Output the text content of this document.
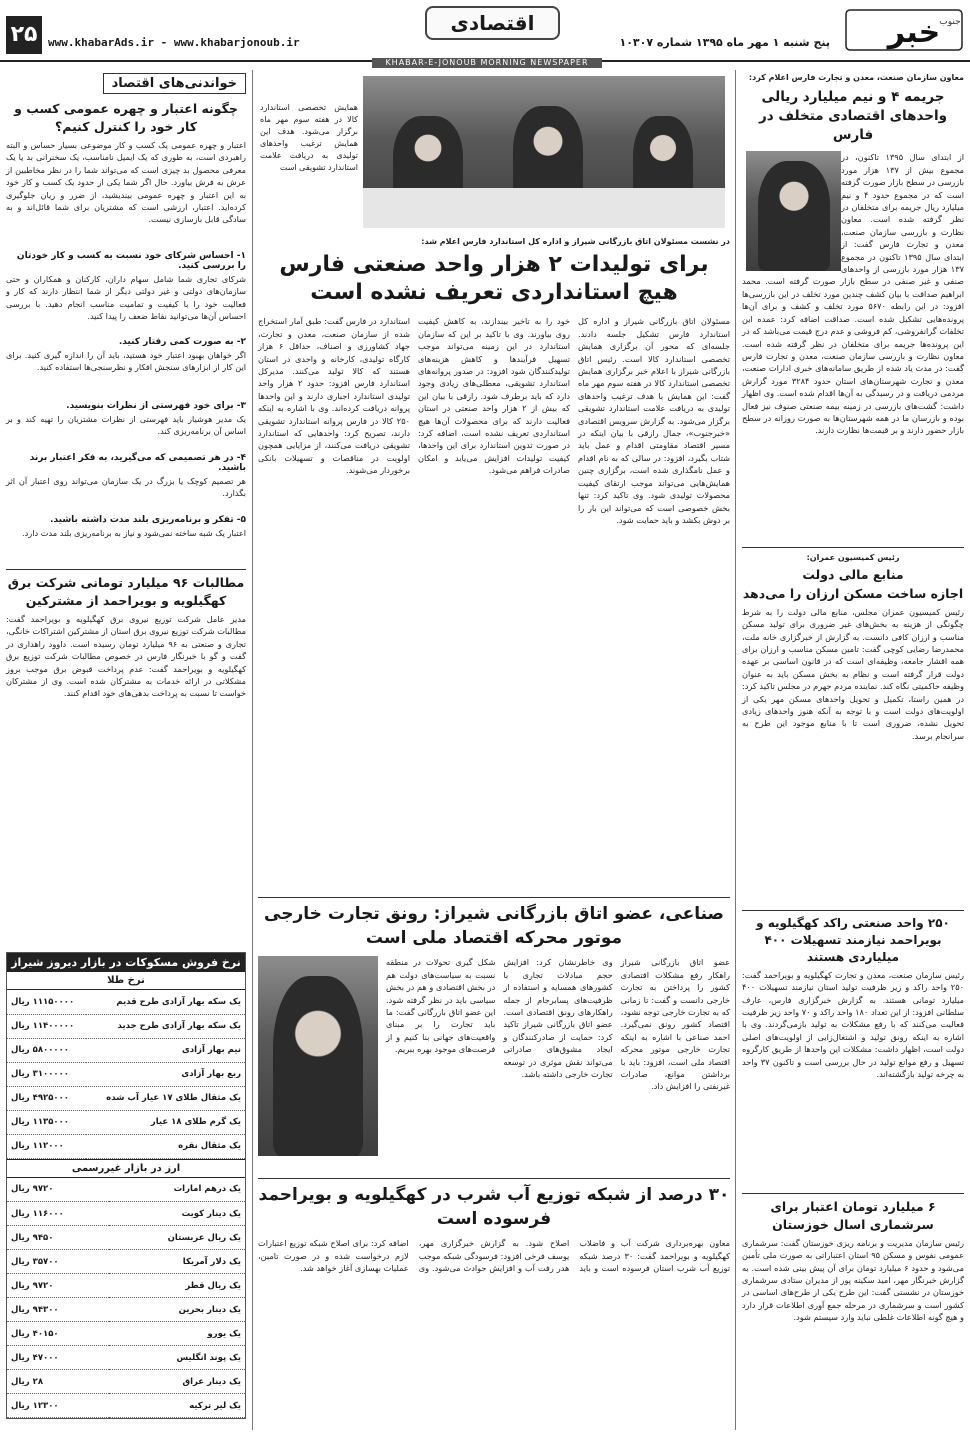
خبر جنوب
پنج شنبه ۱ مهر ماه ۱۳۹۵ شماره ۱۰۳۰۷
اقتصادی
www.khabarAds.ir - www.khabarjonoub.ir
۲۵
KHABAR-E-JONOUB MORNING NEWSPAPER
معاون سازمان صنعت، معدن و تجارت فارس اعلام کرد:
جریمه ۴ و نیم میلیارد ریالی واحدهای اقتصادی متخلف در فارس
از ابتدای سال ۱۳۹۵ تاکنون، در مجموع بیش از ۱۳۷ هزار مورد بازرسی در سطح بازار صورت گرفته است که در مجموع حدود ۴ و نیم میلیارد ریال جریمه برای متخلفان در نظر گرفته شده است. معاون نظارت و بازرسی سازمان صنعت، معدن و تجارت فارس گفت: از ابتدای سال ۱۳۹۵ تاکنون در مجموع ۱۳۷ هزار مورد بازرسی از واحدهای صنفی و غیر صنفی در سطح بازار صورت گرفته است. محمد ابراهیم صداقت با بیان کشف چندین مورد تخلف در این بازرسی‌ها افزود: در این رابطه ۵۶۷۰ مورد تخلف و کشف و برای آن‌ها پرونده‌هایی تشکیل شده است. صداقت اضافه کرد: عمده این تخلفات گرانفروشی، کم فروشی و عدم درج قیمت می‌باشد که در این پرونده‌ها جریمه برای متخلفان در نظر گرفته شده است. معاون نظارت و بازرسی سازمان صنعت، معدن و تجارت فارس گفت: در مدت یاد شده از طریق سامانه‌های خبری ادارات صنعت، معدن و تجارت شهرستان‌های استان حدود ۳۲۸۴ مورد گزارش مردمی دریافت و در رسیدگی به آن‌ها اقدام شده است. وی اظهار داشت: گشت‌های بازرسی در زمینه بیمه صنعتی صنوف نیز فعال بوده و بازرسان ما در همه شهرستان‌ها به صورت روزانه در سطح بازار حضور دارند و بر قیمت‌ها نظارت دارند.
رئیس کمیسیون عمران:
منابع مالی دولت
اجازه ساخت مسکن ارزان را می‌دهد
رئیس کمیسیون عمران مجلس، منابع مالی دولت را به شرط چگونگی از هزینه به بخش‌های غیر ضروری برای تولید مسکن مناسب و ارزان کافی دانست. به گزارش از خبرگزاری خانه ملت، محمدرضا رضایی کوچی گفت: تامین مسکن مناسب و ارزان برای همه اقشار جامعه، وظیفه‌ای است که در قانون اساسی بر عهده دولت قرار گرفته است و نظام به بخش مسکن باید به عنوان وظیفه حاکمیتی نگاه کند. نماینده مردم جهرم در مجلس تاکید کرد: در همین راستا، تکمیل و تحویل واحدهای مسکن مهر یکی از اولویت‌های دولت است و با توجه به آنکه هنوز واحدهای زیادی تحویل نشده، ضروری است تا با منابع موجود این طرح به سرانجام برسد.
۲۵۰ واحد صنعتی راکد کهگیلویه و بویراحمد نیازمند تسهیلات ۴۰۰ میلیاردی هستند
رئیس سازمان صنعت، معدن و تجارت کهگیلویه و بویراحمد گفت: ۲۵۰ واحد راکد و زیر ظرفیت تولید استان نیازمند تسهیلات ۴۰۰ میلیارد تومانی هستند. به گزارش خبرگزاری فارس، عارف سلطانی افزود: از این تعداد ۱۸۰ واحد راکد و ۷۰ واحد زیر ظرفیت فعالیت می‌کنند که با رفع مشکلات به تولید بازمی‌گردند. وی با اشاره به اینکه رونق تولید و اشتغال‌زایی از اولویت‌های اصلی دولت است، اظهار داشت: مشکلات این واحدها از طریق کارگروه تسهیل و رفع موانع تولید در حال بررسی است و تاکنون ۳۷ واحد به چرخه تولید بازگشته‌اند.
۶ میلیارد تومان اعتبار برای سرشماری اسال خوزستان
رئیس سازمان مدیریت و برنامه ریزی خوزستان گفت: سرشماری عمومی نفوس و مسکن ۹۵ استان اعتباراتی به صورت ملی تأمین می‌شود و حدود ۶ میلیارد تومان برای آن پیش بینی شده است. به گزارش خبرنگار مهر، امید سکینه پور از مدیران ستادی سرشماری خوزستان در نشستی گفت: این طرح یکی از طرح‌های اساسی در کشور است و سرشماری در مرحله جمع آوری اطلاعات قرار دارد و هیچ گونه اطلاعات غلطی نباید وارد سیستم شود.
همایش تخصصی استاندارد کالا در هفته سوم مهر ماه برگزار می‌شود. هدف این همایش ترغیب واحدهای تولیدی به دریافت علامت استاندارد تشویقی است
در نشست مسئولان اتاق بازرگانی شیراز و اداره کل استاندارد فارس اعلام شد:
برای تولیدات ۲ هزار واحد صنعتی فارس هیچ استانداردی تعریف نشده است
مسئولان اتاق بازرگانی شیراز و اداره کل استاندارد فارس تشکیل جلسه دادند. جلسه‌ای که محور آن برگزاری همایش تخصصی استاندارد کالا است. رئیس اتاق بازرگانی شیراز با اعلام خبر برگزاری همایش تخصصی استاندارد کالا در هفته سوم مهر ماه گفت: این همایش با هدف ترغیب واحدهای تولیدی به دریافت علامت استاندارد تشویقی برگزار می‌شود. به گزارش سرویس اقتصادی «خبرجنوب»، جمال رازقی با بیان اینکه در مسیر اقتصاد مقاومتی اقدام و عمل باید شتاب بگیرد، افزود: در سالی که به نام اقدام و عمل نامگذاری شده است، برگزاری چنین همایش‌هایی می‌تواند موجب ارتقای کیفیت محصولات تولیدی شود. وی تاکید کرد: تنها بخش خصوصی است که می‌تواند این بار را بر دوش بکشد و باید حمایت شود.
خود را به تاخیر بیندازند، به کاهش کیفیت روی بیاورند. وی با تاکید بر این که سازمان استاندارد در این زمینه می‌تواند موجب تسهیل فرآیندها و کاهش هزینه‌های تولیدکنندگان شود افزود: در صدور پروانه‌های استاندارد تشویقی، معطلی‌های زیادی وجود دارد که باید برطرف شود. رازقی با بیان این که بیش از ۲ هزار واحد صنعتی در استان فعالیت دارند که برای محصولات آن‌ها هیچ استانداردی تعریف نشده است، اضافه کرد: در صورت تدوین استاندارد برای این واحدها، کیفیت تولیدات افزایش می‌یابد و امکان صادرات فراهم می‌شود.
استاندارد در فارس گفت: طبق آمار استخراج شده از سازمان صنعت، معدن و تجارت، جهاد کشاورزی و اصناف، حداقل ۶ هزار کارگاه تولیدی، کارخانه و واحدی در استان هستند که کالا تولید می‌کنند. مدیرکل استاندارد فارس افزود: حدود ۲ هزار واحد تولیدی استاندارد اجباری دارند و این واحدها پروانه دریافت کرده‌اند. وی با اشاره به اینکه ۲۵۰ کالا در فارس پروانه استاندارد تشویقی دارند، تصریح کرد: واحدهایی که استاندارد تشویقی دریافت می‌کنند، از مزایایی همچون اولویت در مناقصات و تسهیلات بانکی برخوردار می‌شوند.
صناعی، عضو اتاق بازرگانی شیراز: رونق تجارت خارجی موتور محرکه اقتصاد ملی است
عضو اتاق بازرگانی شیراز راهکار رفع مشکلات اقتصادی کشور را پرداختن به تجارت خارجی دانست و گفت: تا زمانی که به تجارت خارجی توجه نشود، اقتصاد کشور رونق نمی‌گیرد. احمد صناعی با اشاره به اینکه تجارت خارجی موتور محرکه اقتصاد ملی است، افزود: باید با برداشتن موانع، صادرات غیرنفتی را افزایش داد.
وی خاطرنشان کرد: افزایش حجم مبادلات تجاری با کشورهای همسایه و استفاده از ظرفیت‌های پسابرجام از جمله راهکارهای رونق اقتصادی است. عضو اتاق بازرگانی شیراز تاکید کرد: حمایت از صادرکنندگان و ایجاد مشوق‌های صادراتی می‌تواند نقش موثری در توسعه تجارت خارجی داشته باشد.
شکل گیری تحولات در منطقه نسبت به سیاست‌های دولت هم در بخش اقتصادی و هم در بخش سیاسی باید در نظر گرفته شود. این عضو اتاق بازرگانی گفت: ما باید تجارت را بر مبنای واقعیت‌های جهانی بنا کنیم و از فرصت‌های موجود بهره ببریم.
۳۰ درصد از شبکه توزیع آب شرب در کهگیلویه و بویراحمد فرسوده است
معاون بهره‌برداری شرکت آب و فاضلاب کهگیلویه و بویراحمد گفت: ۳۰ درصد شبکه توزیع آب شرب استان فرسوده است و باید اصلاح شود. به گزارش خبرگزاری مهر، یوسف فرخی افزود: فرسودگی شبکه موجب هدر رفت آب و افزایش حوادث می‌شود. وی اضافه کرد: برای اصلاح شبکه توزیع اعتبارات لازم درخواست شده و در صورت تامین، عملیات بهسازی آغاز خواهد شد.
خواندنی‌های اقتصاد
چگونه اعتبار و چهره عمومی کسب و کار خود را کنترل کنیم؟
اعتبار و چهره عمومی یک کسب و کار موضوعی بسیار حساس و البته راهبردی است، به طوری که یک ایمیل نامناسب، یک سخنرانی بد یا یک معرفی محصول بد چیزی است که می‌تواند شما را در نظر مخاطبین از عرش به فرش بیاورد. حال اگر شما یکی از حدود یک کسب و کار خود به این اعتبار و چهره عمومی بیندیشید، از ضرر و زیان جلوگیری کرده‌اید. اعتبار، ارزشی است که مشتریان برای شما قائل‌اند و به سادگی قابل بازسازی نیست.
۱- احساس شرکای خود نسبت به کسب و کار خودتان را بررسی کنید.
شرکای تجاری شما شامل سهام داران، کارکنان و همکاران و حتی سازمان‌های دولتی و غیر دولتی دیگر از شما انتظار دارند که کار و فعالیت خود را با کیفیت و تمامیت مناسب انجام دهید. با بررسی احساس آن‌ها می‌توانید نقاط ضعف را پیدا کنید.
۲- به صورت کمی رفتار کنید.
اگر خواهان بهبود اعتبار خود هستید، باید آن را اندازه گیری کنید. برای این کار از ابزارهای سنجش افکار و نظرسنجی‌ها استفاده کنید.
۳- برای خود فهرستی از نظرات بنویسید.
یک مدیر هوشیار باید فهرستی از نظرات مشتریان را تهیه کند و بر اساس آن برنامه‌ریزی کند.
۴- در هر تصمیمی که می‌گیرید، به فکر اعتبار برند باشید.
هر تصمیم کوچک یا بزرگ در یک سازمان می‌تواند روی اعتبار آن اثر بگذارد.
۵- تفکر و برنامه‌ریزی بلند مدت داشته باشید.
اعتبار یک شبه ساخته نمی‌شود و نیاز به برنامه‌ریزی بلند مدت دارد.
مطالبات ۹۶ میلیارد تومانی شرکت برق کهگیلویه و بویراحمد از مشترکین
مدیر عامل شرکت توزیع نیروی برق کهگیلویه و بویراحمد گفت: مطالبات شرکت توزیع نیروی برق استان از مشترکین اشتراکات خانگی، تجاری و صنعتی به ۹۶ میلیارد تومان رسیده است. داوود راهداری در گفت و گو با خبرنگار فارس در خصوص مطالبات شرکت توزیع برق کهگیلویه و بویراحمد گفت: عدم پرداخت قبوض برق موجب بروز مشکلاتی در ارائه خدمات به مشترکان شده است. وی از مشترکان خواست تا نسبت به پرداخت بدهی‌های خود اقدام کنند.
نرخ فروش مسکوکات در بازار دیروز شیراز
نرخ طلا
یک سکه بهار آزادی طرح قدیم	۱۱۱۵۰۰۰۰ ریال
یک سکه بهار آزادی طرح جدید	۱۱۴۰۰۰۰۰ ریال
نیم بهار آزادی	۵۸۰۰۰۰۰ ریال
ربع بهار آزادی	۳۱۰۰۰۰۰ ریال
یک مثقال طلای ۱۷ عیار آب شده	۴۹۲۵۰۰۰ ریال
یک گرم طلای ۱۸ عیار	۱۱۳۵۰۰۰ ریال
یک مثقال نقره	۱۱۲۰۰۰ ریال
ارز در بازار غیررسمی
یک درهم امارات	۹۷۲۰ ریال
یک دینار کویت	۱۱۶۰۰۰ ریال
یک ریال عربستان	۹۴۵۰ ریال
یک دلار آمریکا	۳۵۷۰۰ ریال
یک ریال قطر	۹۷۲۰ ریال
یک دینار بحرین	۹۴۳۰۰ ریال
یک یورو	۴۰۱۵۰ ریال
یک پوند انگلیس	۴۷۰۰۰ ریال
یک دینار عراق	۲۸ ریال
یک لیر ترکیه	۱۲۳۰۰ ریال
